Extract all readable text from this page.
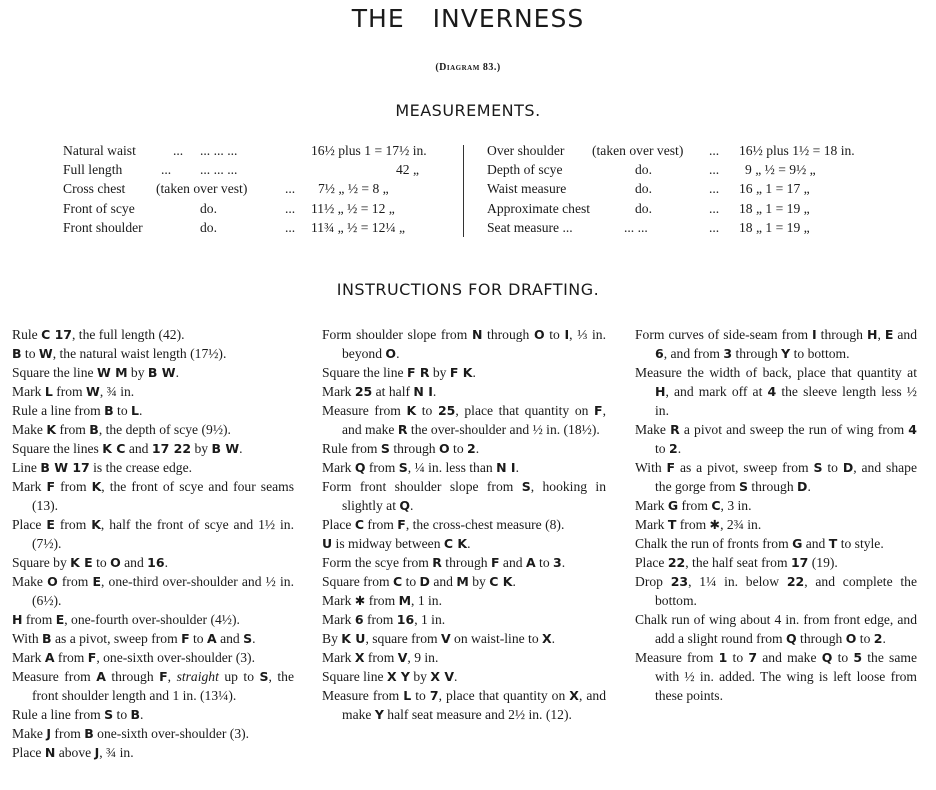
THE INVERNESS
(Diagram 83.)
MEASUREMENTS.
Natural waist	... ... ... ...	16½ plus 1 = 17½ in.
Full length	... ... ... ...	42 „
Cross chest (taken over vest)	... 7½ „ ½ = 8 „
Front of scye	do.	... 11½ „ ½ = 12 „
Front shoulder	do.	... 11¾ „ ½ = 12¼ „
Over shoulder (taken over vest) ... 16½ plus 1½ = 18 in.
Depth of scye	do.	... 9 „ ½ = 9½ „
Waist measure	do.	... 16 „ 1 = 17 „
Approximate chest	do.	... 18 „ 1 = 19 „
Seat measure ...	... ...	... 18 „ 1 = 19 „
INSTRUCTIONS FOR DRAFTING.
Rule C 17, the full length (42).
B to W, the natural waist length (17½).
Square the line W M by B W.
Mark L from W, ¾ in.
Rule a line from B to L.
Make K from B, the depth of scye (9½).
Square the lines K C and 17 22 by B W.
Line B W 17 is the crease edge.
Mark F from K, the front of scye and four seams (13).
Place E from K, half the front of scye and 1½ in. (7½).
Square by K E to O and 16.
Make O from E, one-third over-shoulder and ½ in. (6½).
H from E, one-fourth over-shoulder (4½).
With B as a pivot, sweep from F to A and S.
Mark A from F, one-sixth over-shoulder (3).
Measure from A through F, straight up to S, the front shoulder length and 1 in. (13¼).
Rule a line from S to B.
Make J from B one-sixth over-shoulder (3).
Place N above J, ¾ in.
Form shoulder slope from N through O to I, ⅓ in. beyond O.
Square the line F R by F K.
Mark 25 at half N I.
Measure from K to 25, place that quantity on F, and make R the over-shoulder and ½ in. (18½).
Rule from S through O to 2.
Mark Q from S, ¼ in. less than N I.
Form front shoulder slope from S, hooking in slightly at Q.
Place C from F, the cross-chest measure (8).
U is midway between C K.
Form the scye from R through F and A to 3.
Square from C to D and M by C K.
Mark ✱ from M, 1 in.
Mark 6 from 16, 1 in.
By K U, square from V on waist-line to X.
Mark X from V, 9 in.
Square line X Y by X V.
Measure from L to 7, place that quantity on X, and make Y half seat measure and 2½ in. (12).
Form curves of side-seam from I through H, E and 6, and from 3 through Y to bottom.
Measure the width of back, place that quantity at H, and mark off at 4 the sleeve length less ½ in.
Make R a pivot and sweep the run of wing from 4 to 2.
With F as a pivot, sweep from S to D, and shape the gorge from S through D.
Mark G from C, 3 in.
Mark T from ✱, 2¾ in.
Chalk the run of fronts from G and T to style.
Place 22, the half seat from 17 (19).
Drop 23, 1¼ in. below 22, and complete the bottom.
Chalk run of wing about 4 in. from front edge, and add a slight round from Q through O to 2.
Measure from 1 to 7 and make Q to 5 the same with ½ in. added. The wing is left loose from these points.
